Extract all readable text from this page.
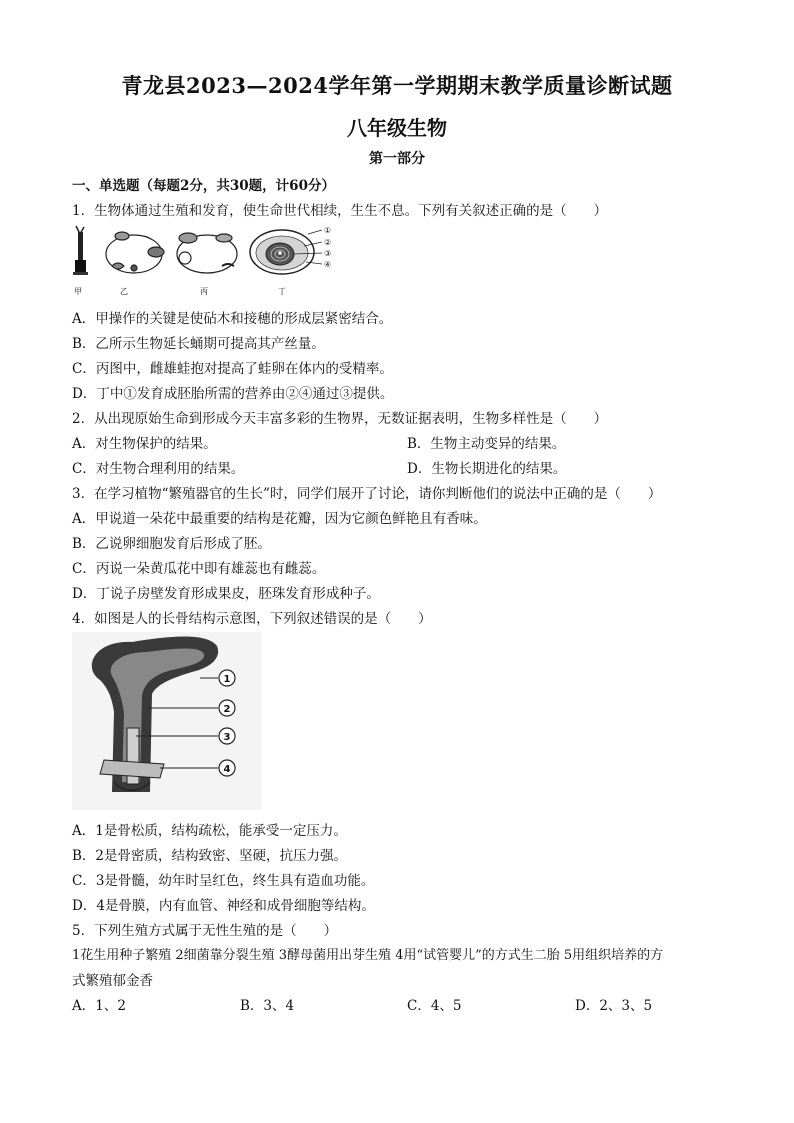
青龙县2023—2024学年第一学期期末教学质量诊断试题
八年级生物
第一部分
一、单选题（每题2分，共30题，计60分）
1．生物体通过生殖和发育，使生命世代相续，生生不息。下列有关叙述正确的是（　　）
①
②
③
④
甲	乙	丙	丁
A．甲操作的关键是使砧木和接穗的形成层紧密结合。
B．乙所示生物延长蛹期可提高其产丝量。
C．丙图中，雌雄蛙抱对提高了蛙卵在体内的受精率。
D．丁中①发育成胚胎所需的营养由②④通过③提供。
2．从出现原始生命到形成今天丰富多彩的生物界，无数证据表明，生物多样性是（　　）
A．对生物保护的结果。	B．生物主动变异的结果。
C．对生物合理利用的结果。	D．生物长期进化的结果。
3．在学习植物“繁殖器官的生长”时，同学们展开了讨论，请你判断他们的说法中正确的是（　　）
A．甲说道一朵花中最重要的结构是花瓣，因为它颜色鲜艳且有香味。
B．乙说卵细胞发育后形成了胚。
C．丙说一朵黄瓜花中即有雄蕊也有雌蕊。
D．丁说子房壁发育形成果皮，胚珠发育形成种子。
4．如图是人的长骨结构示意图，下列叙述错误的是（　　）
1
2
3
4
A．1是骨松质，结构疏松，能承受一定压力。
B．2是骨密质，结构致密、坚硬，抗压力强。
C．3是骨髓，幼年时呈红色，终生具有造血功能。
D．4是骨膜，内有血管、神经和成骨细胞等结构。
5．下列生殖方式属于无性生殖的是（　　）
1花生用种子繁殖 2细菌靠分裂生殖 3酵母菌用出芽生殖 4用“试管婴儿”的方式生二胎 5用组织培养的方
式繁殖郁金香
A．1、2	B．3、4	C．4、5	D．2、3、5
